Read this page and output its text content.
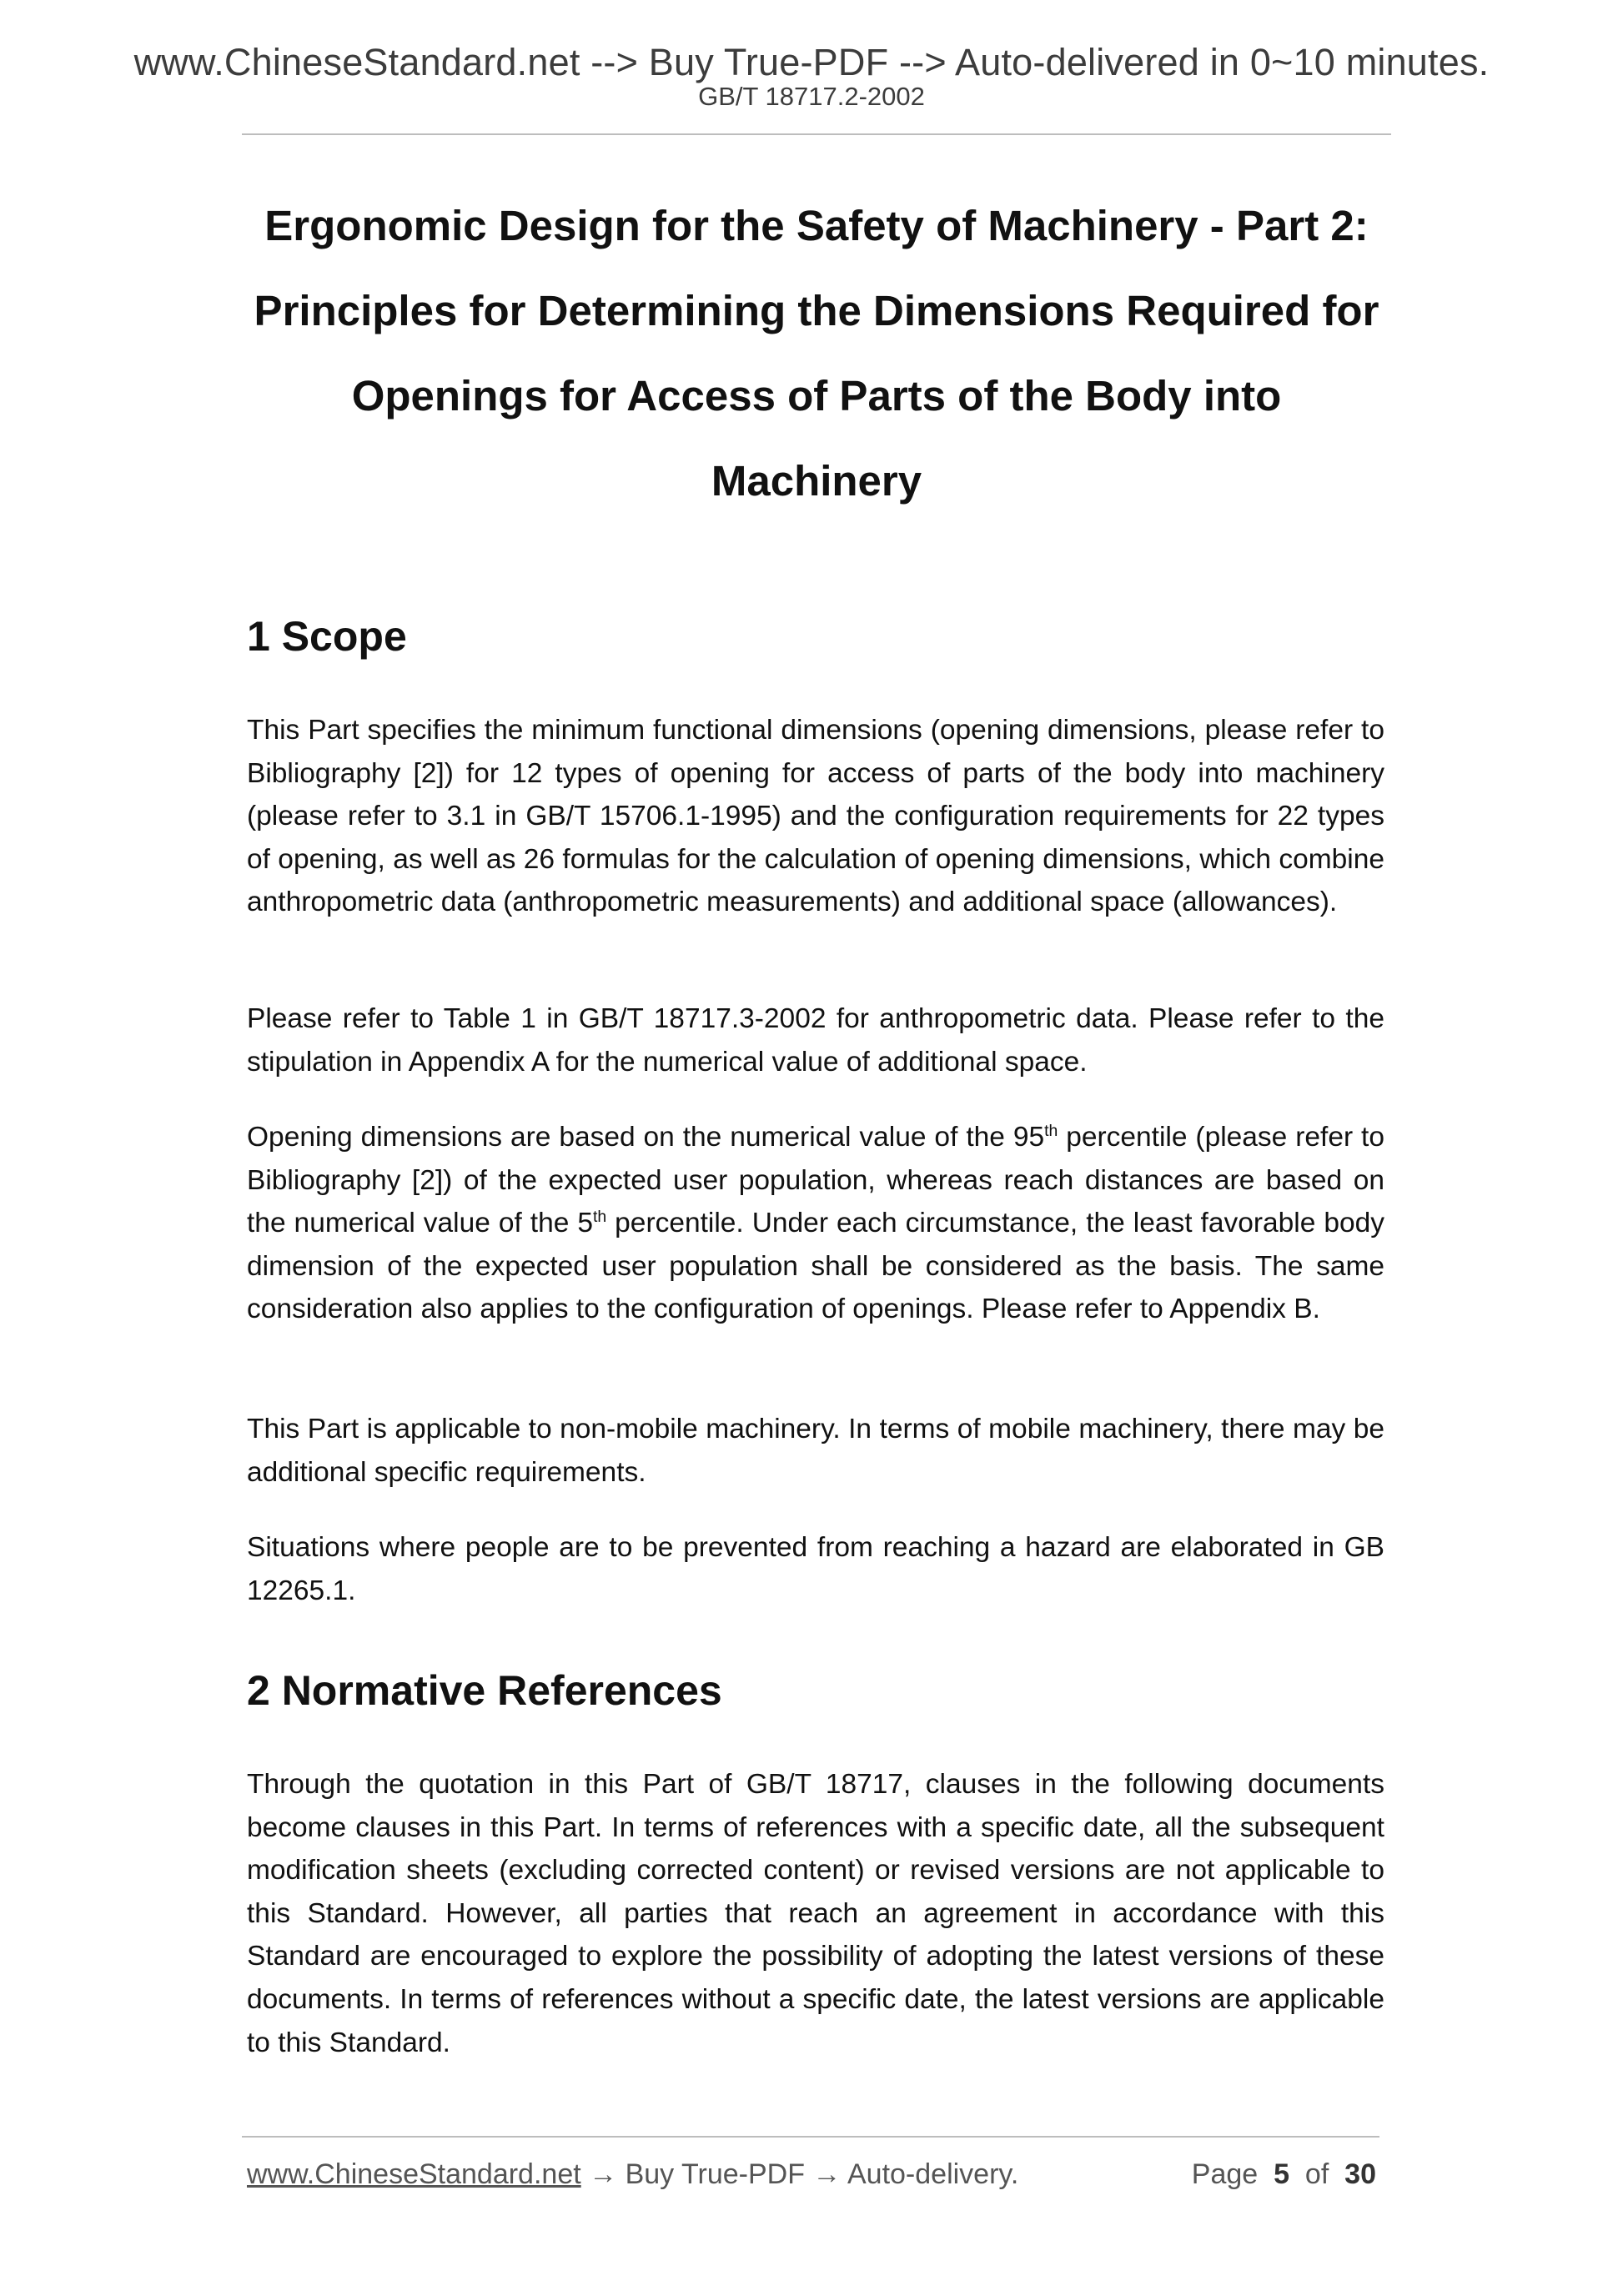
www.ChineseStandard.net --> Buy True-PDF --> Auto-delivered in 0~10 minutes.
GB/T 18717.2-2002
Ergonomic Design for the Safety of Machinery - Part 2: Principles for Determining the Dimensions Required for Openings for Access of Parts of the Body into Machinery
1 Scope

This Part specifies the minimum functional dimensions (opening dimensions, please refer to Bibliography [2]) for 12 types of opening for access of parts of the body into machinery (please refer to 3.1 in GB/T 15706.1-1995) and the configuration requirements for 22 types of opening, as well as 26 formulas for the calculation of opening dimensions, which combine anthropometric data (anthropometric measurements) and additional space (allowances).

Please refer to Table 1 in GB/T 18717.3-2002 for anthropometric data. Please refer to the stipulation in Appendix A for the numerical value of additional space.

Opening dimensions are based on the numerical value of the 95th percentile (please refer to Bibliography [2]) of the expected user population, whereas reach distances are based on the numerical value of the 5th percentile. Under each circumstance, the least favorable body dimension of the expected user population shall be considered as the basis. The same consideration also applies to the configuration of openings. Please refer to Appendix B.

This Part is applicable to non-mobile machinery. In terms of mobile machinery, there may be additional specific requirements.

Situations where people are to be prevented from reaching a hazard are elaborated in GB 12265.1.

2 Normative References

Through the quotation in this Part of GB/T 18717, clauses in the following documents become clauses in this Part. In terms of references with a specific date, all the subsequent modification sheets (excluding corrected content) or revised versions are not applicable to this Standard. However, all parties that reach an agreement in accordance with this Standard are encouraged to explore the possibility of adopting the latest versions of these documents. In terms of references without a specific date, the latest versions are applicable to this Standard.

www.ChineseStandard.net → Buy True-PDF → Auto-delivery.	Page 5 of 30
